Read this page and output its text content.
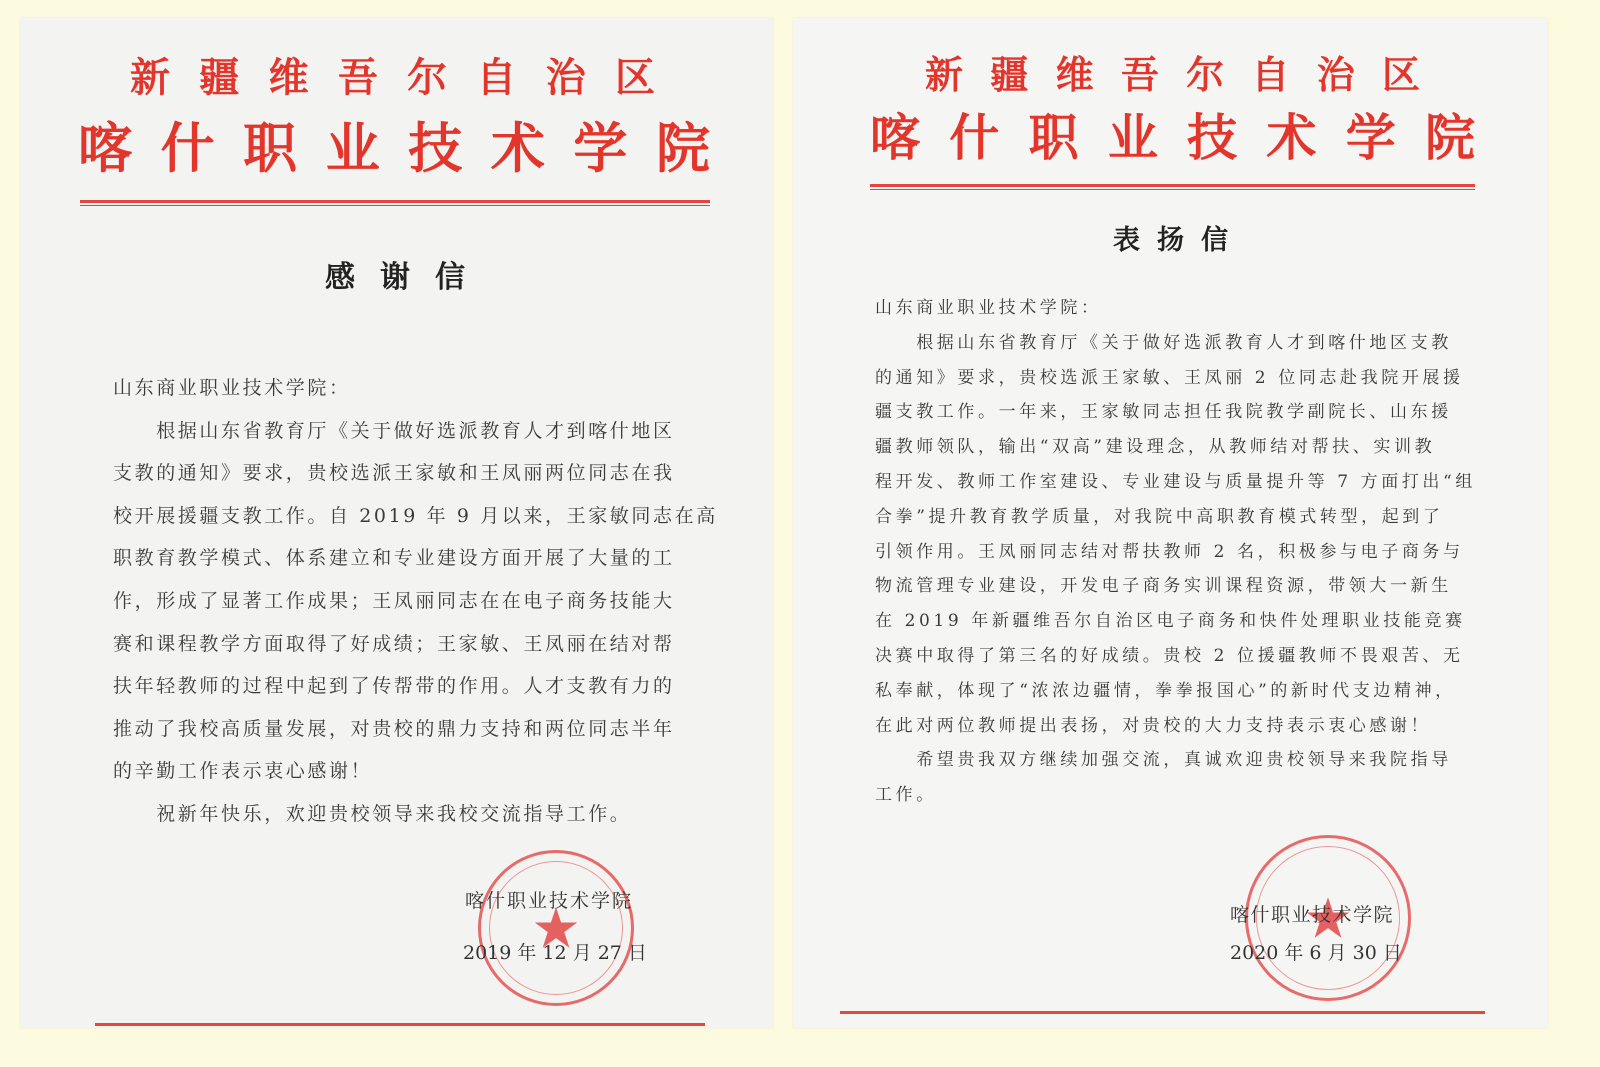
新疆维吾尔自治区
喀什职业技术学院
感谢信
山东商业职业技术学院：
　　根据山东省教育厅《关于做好选派教育人才到喀什地区
支教的通知》要求，贵校选派王家敏和王凤丽两位同志在我
校开展援疆支教工作。自 2019 年 9 月以来，王家敏同志在高
职教育教学模式、体系建立和专业建设方面开展了大量的工
作，形成了显著工作成果；王凤丽同志在在电子商务技能大
赛和课程教学方面取得了好成绩；王家敏、王凤丽在结对帮
扶年轻教师的过程中起到了传帮带的作用。人才支教有力的
推动了我校高质量发展，对贵校的鼎力支持和两位同志半年
的辛勤工作表示衷心感谢！
　　祝新年快乐，欢迎贵校领导来我校交流指导工作。
喀什职业技术学院
2019 年 12 月 27 日
新疆维吾尔自治区
喀什职业技术学院
表扬信
山东商业职业技术学院：
　　根据山东省教育厅《关于做好选派教育人才到喀什地区支教
的通知》要求，贵校选派王家敏、王凤丽 2 位同志赴我院开展援
疆支教工作。一年来，王家敏同志担任我院教学副院长、山东援
疆教师领队，输出“双高”建设理念，从教师结对帮扶、实训教
程开发、教师工作室建设、专业建设与质量提升等 7 方面打出“组
合拳”提升教育教学质量，对我院中高职教育模式转型，起到了
引领作用。王凤丽同志结对帮扶教师 2 名，积极参与电子商务与
物流管理专业建设，开发电子商务实训课程资源，带领大一新生
在 2019 年新疆维吾尔自治区电子商务和快件处理职业技能竞赛
决赛中取得了第三名的好成绩。贵校 2 位援疆教师不畏艰苦、无
私奉献，体现了“浓浓边疆情，拳拳报国心”的新时代支边精神，
在此对两位教师提出表扬，对贵校的大力支持表示衷心感谢！
　　希望贵我双方继续加强交流，真诚欢迎贵校领导来我院指导
工作。
喀什职业技术学院
2020 年 6 月 30 日
